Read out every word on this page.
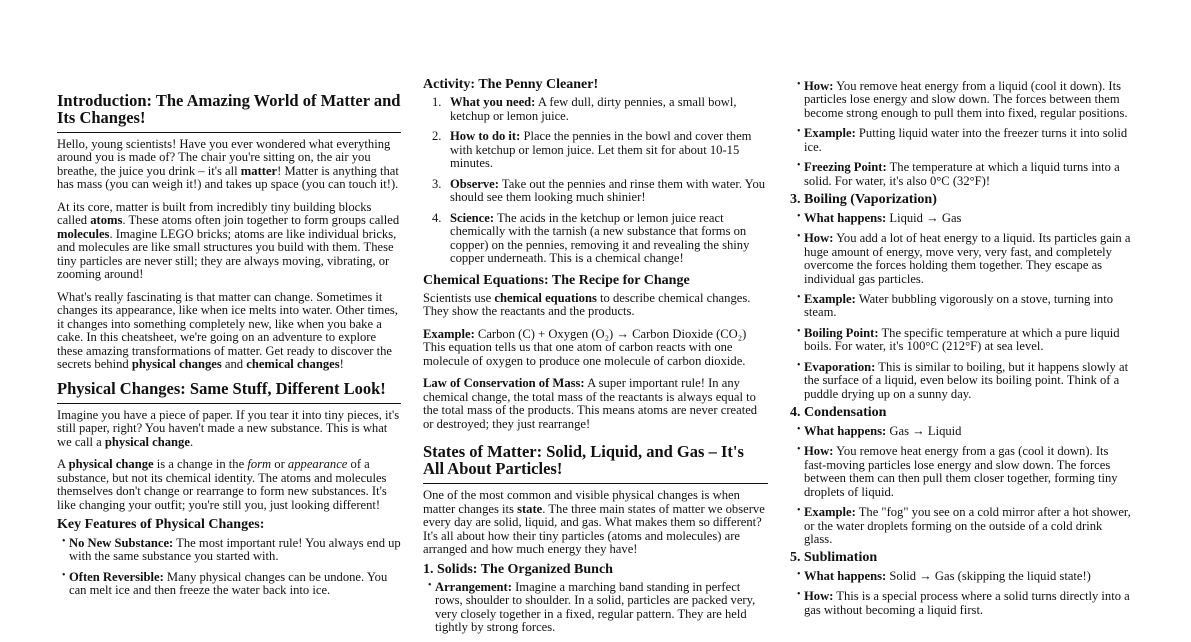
Introduction: The Amazing World of Matter and Its Changes!

Hello, young scientists! Have you ever wondered what everything around you is made of? The chair you're sitting on, the air you breathe, the juice you drink – it's all matter! Matter is anything that has mass (you can weigh it!) and takes up space (you can touch it!).

At its core, matter is built from incredibly tiny building blocks called atoms. These atoms often join together to form groups called molecules. Imagine LEGO bricks; atoms are like individual bricks, and molecules are like small structures you build with them. These tiny particles are never still; they are always moving, vibrating, or zooming around!

What's really fascinating is that matter can change. Sometimes it changes its appearance, like when ice melts into water. Other times, it changes into something completely new, like when you bake a cake. In this cheatsheet, we're going on an adventure to explore these amazing transformations of matter. Get ready to discover the secrets behind physical changes and chemical changes!

Physical Changes: Same Stuff, Different Look!

Imagine you have a piece of paper. If you tear it into tiny pieces, it's still paper, right? You haven't made a new substance. This is what we call a physical change.

A physical change is a change in the form or appearance of a substance, but not its chemical identity. The atoms and molecules themselves don't change or rearrange to form new substances. It's like changing your outfit; you're still you, just looking different!

Key Features of Physical Changes:
• No New Substance: The most important rule! You always end up with the same substance you started with.
• Often Reversible: Many physical changes can be undone. You can melt ice and then freeze the water back into ice.
Activity: The Penny Cleaner!
1. What you need: A few dull, dirty pennies, a small bowl, ketchup or lemon juice.
2. How to do it: Place the pennies in the bowl and cover them with ketchup or lemon juice. Let them sit for about 10-15 minutes.
3. Observe: Take out the pennies and rinse them with water. You should see them looking much shinier!
4. Science: The acids in the ketchup or lemon juice react chemically with the tarnish (a new substance that forms on copper) on the pennies, removing it and revealing the shiny copper underneath. This is a chemical change!
Chemical Equations: The Recipe for Change

Scientists use chemical equations to describe chemical changes. They show the reactants and the products.

Example: Carbon (C) + Oxygen (O₂) → Carbon Dioxide (CO₂) This equation tells us that one atom of carbon reacts with one molecule of oxygen to produce one molecule of carbon dioxide.

Law of Conservation of Mass: A super important rule! In any chemical change, the total mass of the reactants is always equal to the total mass of the products. This means atoms are never created or destroyed; they just rearrange!

States of Matter: Solid, Liquid, and Gas – It's All About Particles!

One of the most common and visible physical changes is when matter changes its state. The three main states of matter we observe every day are solid, liquid, and gas. What makes them so different? It's all about how their tiny particles (atoms and molecules) are arranged and how much energy they have!

1. Solids: The Organized Bunch
• Arrangement: Imagine a marching band standing in perfect rows, shoulder to shoulder. In a solid, particles are packed very, very closely together in a fixed, regular pattern. They are held tightly by strong forces.
• How: You remove heat energy from a liquid (cool it down). Its particles lose energy and slow down. The forces between them become strong enough to pull them into fixed, regular positions.
• Example: Putting liquid water into the freezer turns it into solid ice.
• Freezing Point: The temperature at which a liquid turns into a solid. For water, it's also 0°C (32°F)!
3. Boiling (Vaporization)
• What happens: Liquid → Gas
• How: You add a lot of heat energy to a liquid. Its particles gain a huge amount of energy, move very, very fast, and completely overcome the forces holding them together. They escape as individual gas particles.
• Example: Water bubbling vigorously on a stove, turning into steam.
• Boiling Point: The specific temperature at which a pure liquid boils. For water, it's 100°C (212°F) at sea level.
• Evaporation: This is similar to boiling, but it happens slowly at the surface of a liquid, even below its boiling point. Think of a puddle drying up on a sunny day.
4. Condensation
• What happens: Gas → Liquid
• How: You remove heat energy from a gas (cool it down). Its fast-moving particles lose energy and slow down. The forces between them can then pull them closer together, forming tiny droplets of liquid.
• Example: The "fog" you see on a cold mirror after a hot shower, or the water droplets forming on the outside of a cold drink glass.
5. Sublimation
• What happens: Solid → Gas (skipping the liquid state!)
• How: This is a special process where a solid turns directly into a gas without becoming a liquid first.
